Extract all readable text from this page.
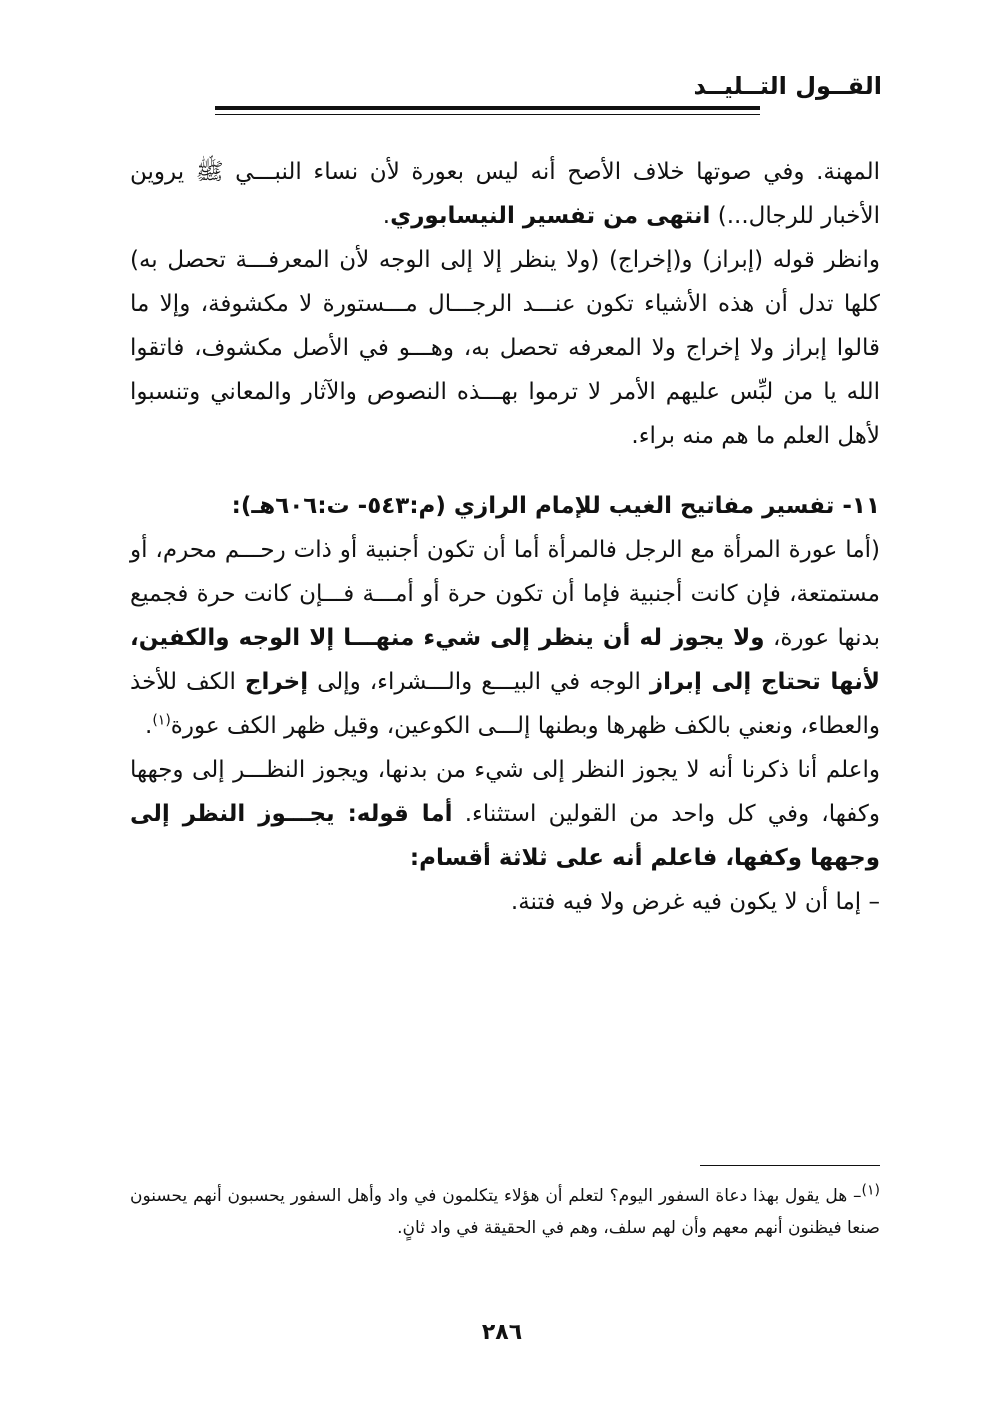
القــول التــليــد

المهنة. وفي صوتها خلاف الأصح أنه ليس بعورة لأن نساء النبـــي ﷺ يروين الأخبار للرجال...) انتهى من تفسير النيسابوري.

وانظر قوله (إبراز) و(إخراج) (ولا ينظر إلا إلى الوجه لأن المعرفـــة تحصل به) كلها تدل أن هذه الأشياء تكون عنـــد الرجـــال مـــستورة لا مكشوفة، وإلا ما قالوا إبراز ولا إخراج ولا المعرفه تحصل به، وهـــو في الأصل مكشوف، فاتقوا الله يا من لبِّس عليهم الأمر لا ترموا بهـــذه النصوص والآثار والمعاني وتنسبوا لأهل العلم ما هم منه براء.

١١- تفسير مفاتيح الغيب للإمام الرازي (م:٥٤٣- ت:٦٠٦هـ):

(أما عورة المرأة مع الرجل فالمرأة أما أن تكون أجنبية أو ذات رحـــم محرم، أو مستمتعة، فإن كانت أجنبية فإما أن تكون حرة أو أمـــة فـــإن كانت حرة فجميع بدنها عورة، ولا يجوز له أن ينظر إلى شيء منهـــا إلا الوجه والكفين، لأنها تحتاج إلى إبراز الوجه في البيـــع والـــشراء، وإلى إخراج الكف للأخذ والعطاء، ونعني بالكف ظهرها وبطنها إلـــى الكوعين، وقيل ظهر الكف عورة$^{(١)}$.

واعلم أنا ذكرنا أنه لا يجوز النظر إلى شيء من بدنها، ويجوز النظـــر إلى وجهها وكفها، وفي كل واحد من القولين استثناء. أما قوله: يجـــوز النظر إلى وجهها وكفها، فاعلم أنه على ثلاثة أقسام:

– إما أن لا يكون فيه غرض ولا فيه فتنة.

$^{(١)}$– هل يقول بهذا دعاة السفور اليوم؟ لتعلم أن هؤلاء يتكلمون في واد وأهل السفور يحسبون أنهم يحسنون صنعا فيظنون أنهم معهم وأن لهم سلف، وهم في الحقيقة في واد ثانٍ.
٢٨٦
